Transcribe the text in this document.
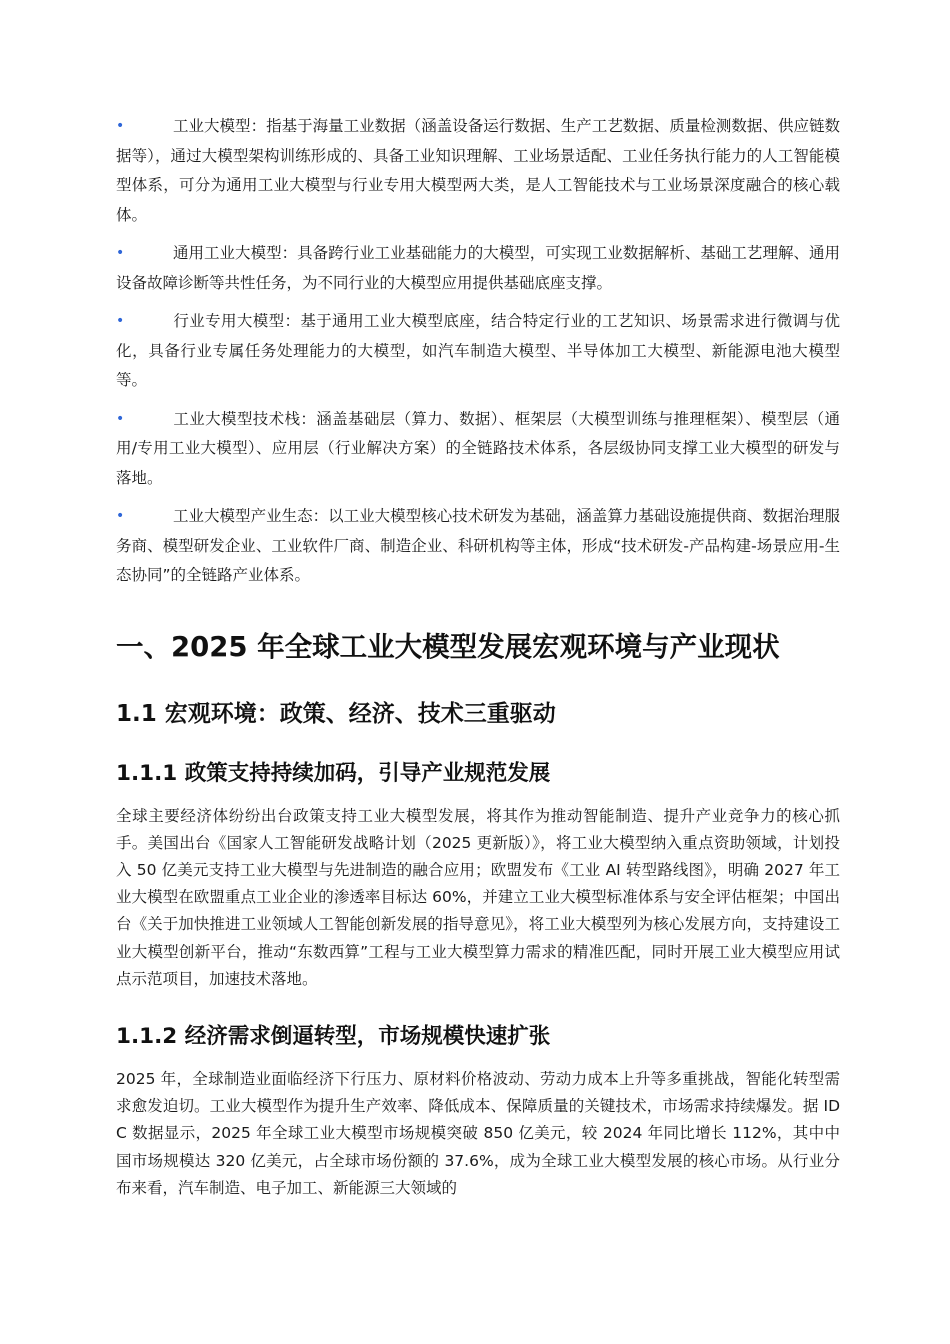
•	工业大模型：指基于海量工业数据（涵盖设备运行数据、生产工艺数据、质量检测数据、供应链数据等），通过大模型架构训练形成的、具备工业知识理解、工业场景适配、工业任务执行能力的人工智能模型体系，可分为通用工业大模型与行业专用大模型两大类，是人工智能技术与工业场景深度融合的核心载体。
•	通用工业大模型：具备跨行业工业基础能力的大模型，可实现工业数据解析、基础工艺理解、通用设备故障诊断等共性任务，为不同行业的大模型应用提供基础底座支撑。
•	行业专用大模型：基于通用工业大模型底座，结合特定行业的工艺知识、场景需求进行微调与优化，具备行业专属任务处理能力的大模型，如汽车制造大模型、半导体加工大模型、新能源电池大模型等。
•	工业大模型技术栈：涵盖基础层（算力、数据）、框架层（大模型训练与推理框架）、模型层（通用/专用工业大模型）、应用层（行业解决方案）的全链路技术体系，各层级协同支撑工业大模型的研发与落地。
•	工业大模型产业生态：以工业大模型核心技术研发为基础，涵盖算力基础设施提供商、数据治理服务商、模型研发企业、工业软件厂商、制造企业、科研机构等主体，形成“技术研发-产品构建-场景应用-生态协同”的全链路产业体系。
一、2025 年全球工业大模型发展宏观环境与产业现状
1.1 宏观环境：政策、经济、技术三重驱动
1.1.1 政策支持持续加码，引导产业规范发展

全球主要经济体纷纷出台政策支持工业大模型发展，将其作为推动智能制造、提升产业竞争力的核心抓手。美国出台《国家人工智能研发战略计划（2025 更新版）》，将工业大模型纳入重点资助领域，计划投入 50 亿美元支持工业大模型与先进制造的融合应用；欧盟发布《工业 AI 转型路线图》，明确 2027 年工业大模型在欧盟重点工业企业的渗透率目标达 60%，并建立工业大模型标准体系与安全评估框架；中国出台《关于加快推进工业领域人工智能创新发展的指导意见》，将工业大模型列为核心发展方向，支持建设工业大模型创新平台，推动“东数西算”工程与工业大模型算力需求的精准匹配，同时开展工业大模型应用试点示范项目，加速技术落地。

1.1.2 经济需求倒逼转型，市场规模快速扩张

2025 年，全球制造业面临经济下行压力、原材料价格波动、劳动力成本上升等多重挑战，智能化转型需求愈发迫切。工业大模型作为提升生产效率、降低成本、保障质量的关键技术，市场需求持续爆发。据 IDC 数据显示，2025 年全球工业大模型市场规模突破 850 亿美元，较 2024 年同比增长 112%，其中中国市场规模达 320 亿美元，占全球市场份额的 37.6%，成为全球工业大模型发展的核心市场。从行业分布来看，汽车制造、电子加工、新能源三大领域的
